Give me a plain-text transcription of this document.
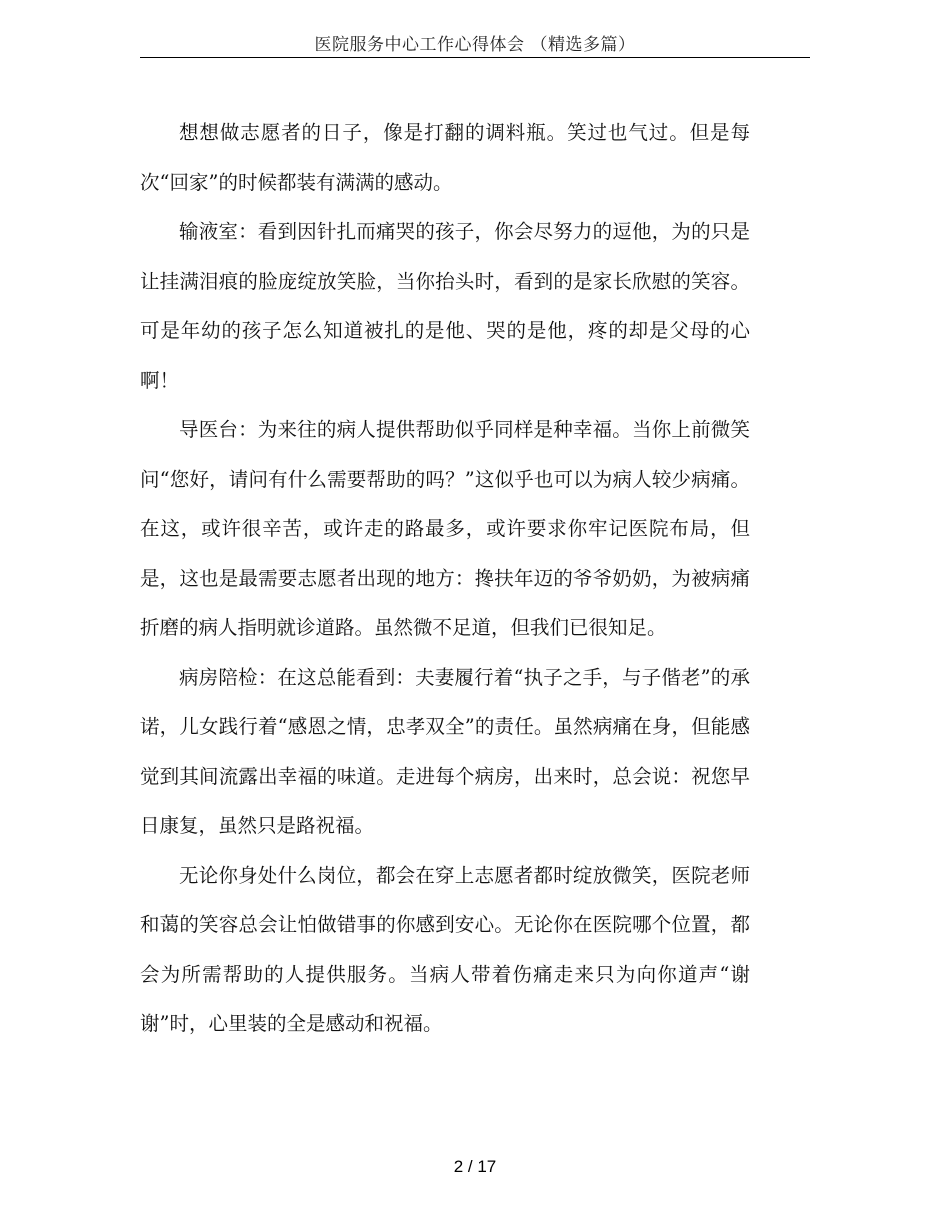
医院服务中心工作心得体会 （精选多篇）

想想做志愿者的日子，像是打翻的调料瓶。笑过也气过。但是每次“回家”的时候都装有满满的感动。

输液室：看到因针扎而痛哭的孩子，你会尽努力的逗他，为的只是让挂满泪痕的脸庞绽放笑脸，当你抬头时，看到的是家长欣慰的笑容。可是年幼的孩子怎么知道被扎的是他、哭的是他，疼的却是父母的心啊！

导医台：为来往的病人提供帮助似乎同样是种幸福。当你上前微笑问“您好，请问有什么需要帮助的吗？”这似乎也可以为病人较少病痛。在这，或许很辛苦，或许走的路最多，或许要求你牢记医院布局，但是，这也是最需要志愿者出现的地方：搀扶年迈的爷爷奶奶，为被病痛折磨的病人指明就诊道路。虽然微不足道，但我们已很知足。

病房陪检：在这总能看到：夫妻履行着“执子之手，与子偕老”的承诺，儿女践行着“感恩之情，忠孝双全”的责任。虽然病痛在身，但能感觉到其间流露出幸福的味道。走进每个病房，出来时，总会说：祝您早日康复，虽然只是路祝福。

无论你身处什么岗位，都会在穿上志愿者都时绽放微笑，医院老师和蔼的笑容总会让怕做错事的你感到安心。无论你在医院哪个位置，都会为所需帮助的人提供服务。当病人带着伤痛走来只为向你道声“谢谢”时，心里装的全是感动和祝福。

2 / 17
